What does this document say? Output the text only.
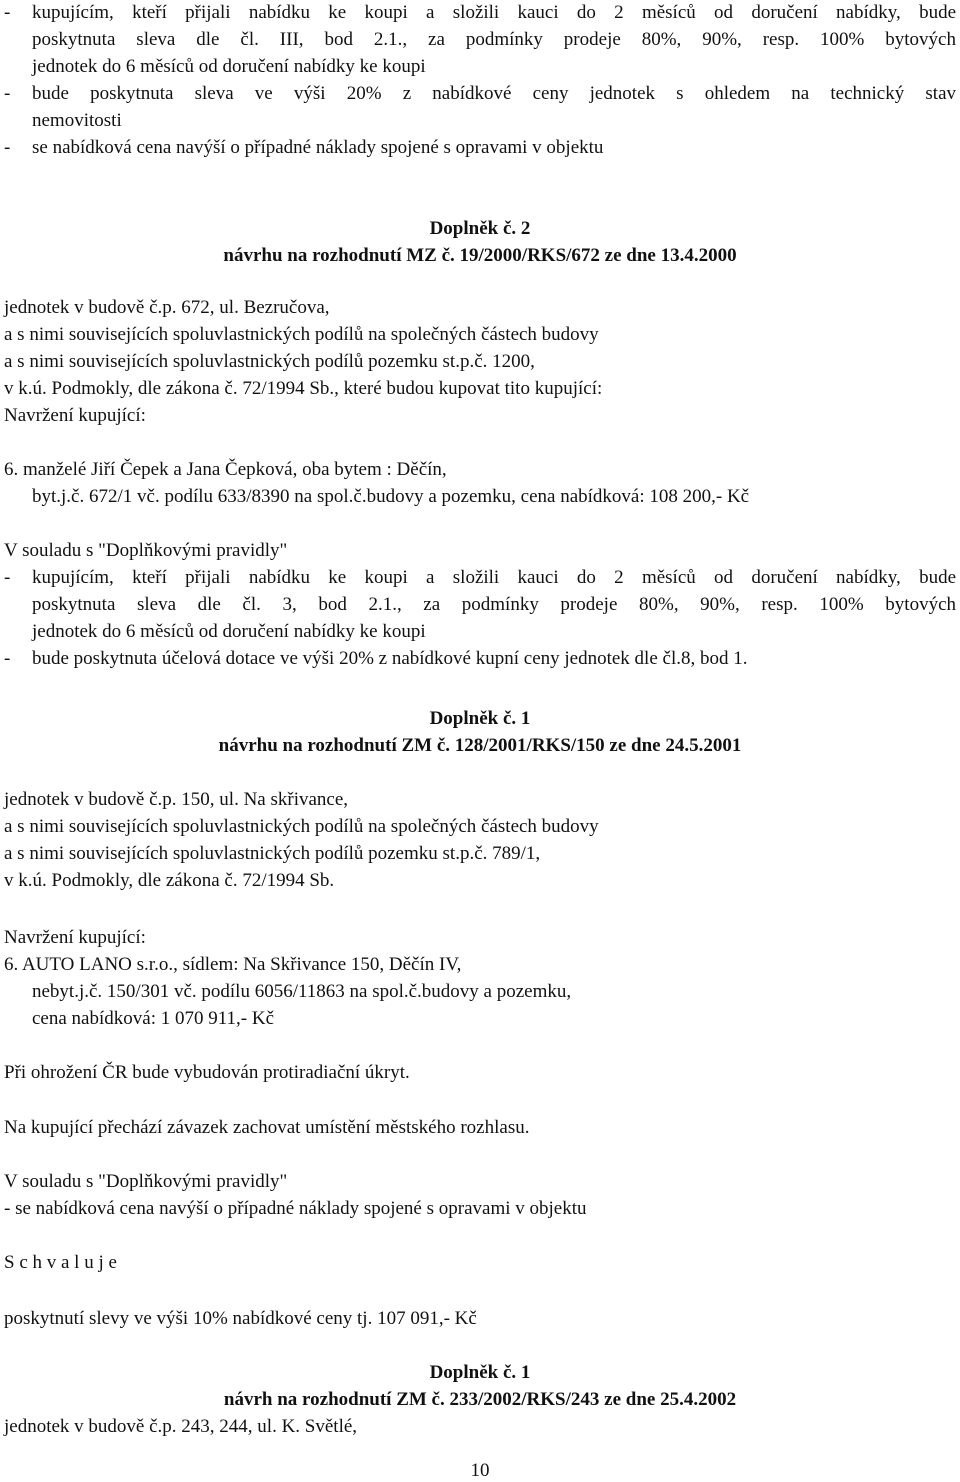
- kupujícím, kteří přijali nabídku ke koupi a složili kauci do 2 měsíců od doručení nabídky, bude
poskytnuta sleva dle čl. III, bod 2.1., za podmínky prodeje 80%, 90%, resp. 100% bytových
jednotek do 6 měsíců od doručení nabídky ke koupi
- bude poskytnuta sleva ve výši 20% z nabídkové ceny jednotek s ohledem na technický stav
nemovitosti
- se nabídková cena navýší o případné náklady spojené s opravami v objektu
Doplněk č. 2
návrhu na rozhodnutí MZ č. 19/2000/RKS/672 ze dne 13.4.2000
jednotek v budově č.p. 672, ul. Bezručova,
a s nimi souvisejících spoluvlastnických podílů na společných částech budovy
a s nimi souvisejících spoluvlastnických podílů pozemku st.p.č. 1200,
v k.ú. Podmokly, dle zákona č. 72/1994 Sb., které budou kupovat tito kupující:
Navržení kupující:
6. manželé Jiří Čepek a Jana Čepková, oba bytem : Děčín,
byt.j.č. 672/1 vč. podílu 633/8390 na spol.č.budovy a pozemku, cena nabídková: 108 200,- Kč
V souladu s "Doplňkovými pravidly"
- kupujícím, kteří přijali nabídku ke koupi a složili kauci do 2 měsíců od doručení nabídky, bude
poskytnuta sleva dle čl. 3, bod 2.1., za podmínky prodeje 80%, 90%, resp. 100% bytových
jednotek do 6 měsíců od doručení nabídky ke koupi
- bude poskytnuta účelová dotace ve výši 20% z nabídkové kupní ceny jednotek dle čl.8, bod 1.
Doplněk č. 1
návrhu na rozhodnutí ZM č. 128/2001/RKS/150 ze dne 24.5.2001
jednotek v budově č.p. 150, ul. Na skřivance,
a s nimi souvisejících spoluvlastnických podílů na společných částech budovy
a s nimi souvisejících spoluvlastnických podílů pozemku st.p.č. 789/1,
v k.ú. Podmokly, dle zákona č. 72/1994 Sb.
Navržení kupující:
6. AUTO LANO s.r.o., sídlem: Na Skřivance 150, Děčín IV,
nebyt.j.č. 150/301 vč. podílu 6056/11863 na spol.č.budovy a pozemku,
cena nabídková: 1 070 911,- Kč
Při ohrožení ČR bude vybudován protiradiační úkryt.
Na kupující přechází závazek zachovat umístění městského rozhlasu.
V souladu s "Doplňkovými pravidly"
- se nabídková cena navýší o případné náklady spojené s opravami v objektu
S c h v a l u j e
poskytnutí slevy ve výši 10% nabídkové ceny tj. 107 091,- Kč
Doplněk č. 1
návrh na rozhodnutí ZM č. 233/2002/RKS/243 ze dne 25.4.2002
jednotek v budově č.p. 243, 244, ul. K. Světlé,
10
